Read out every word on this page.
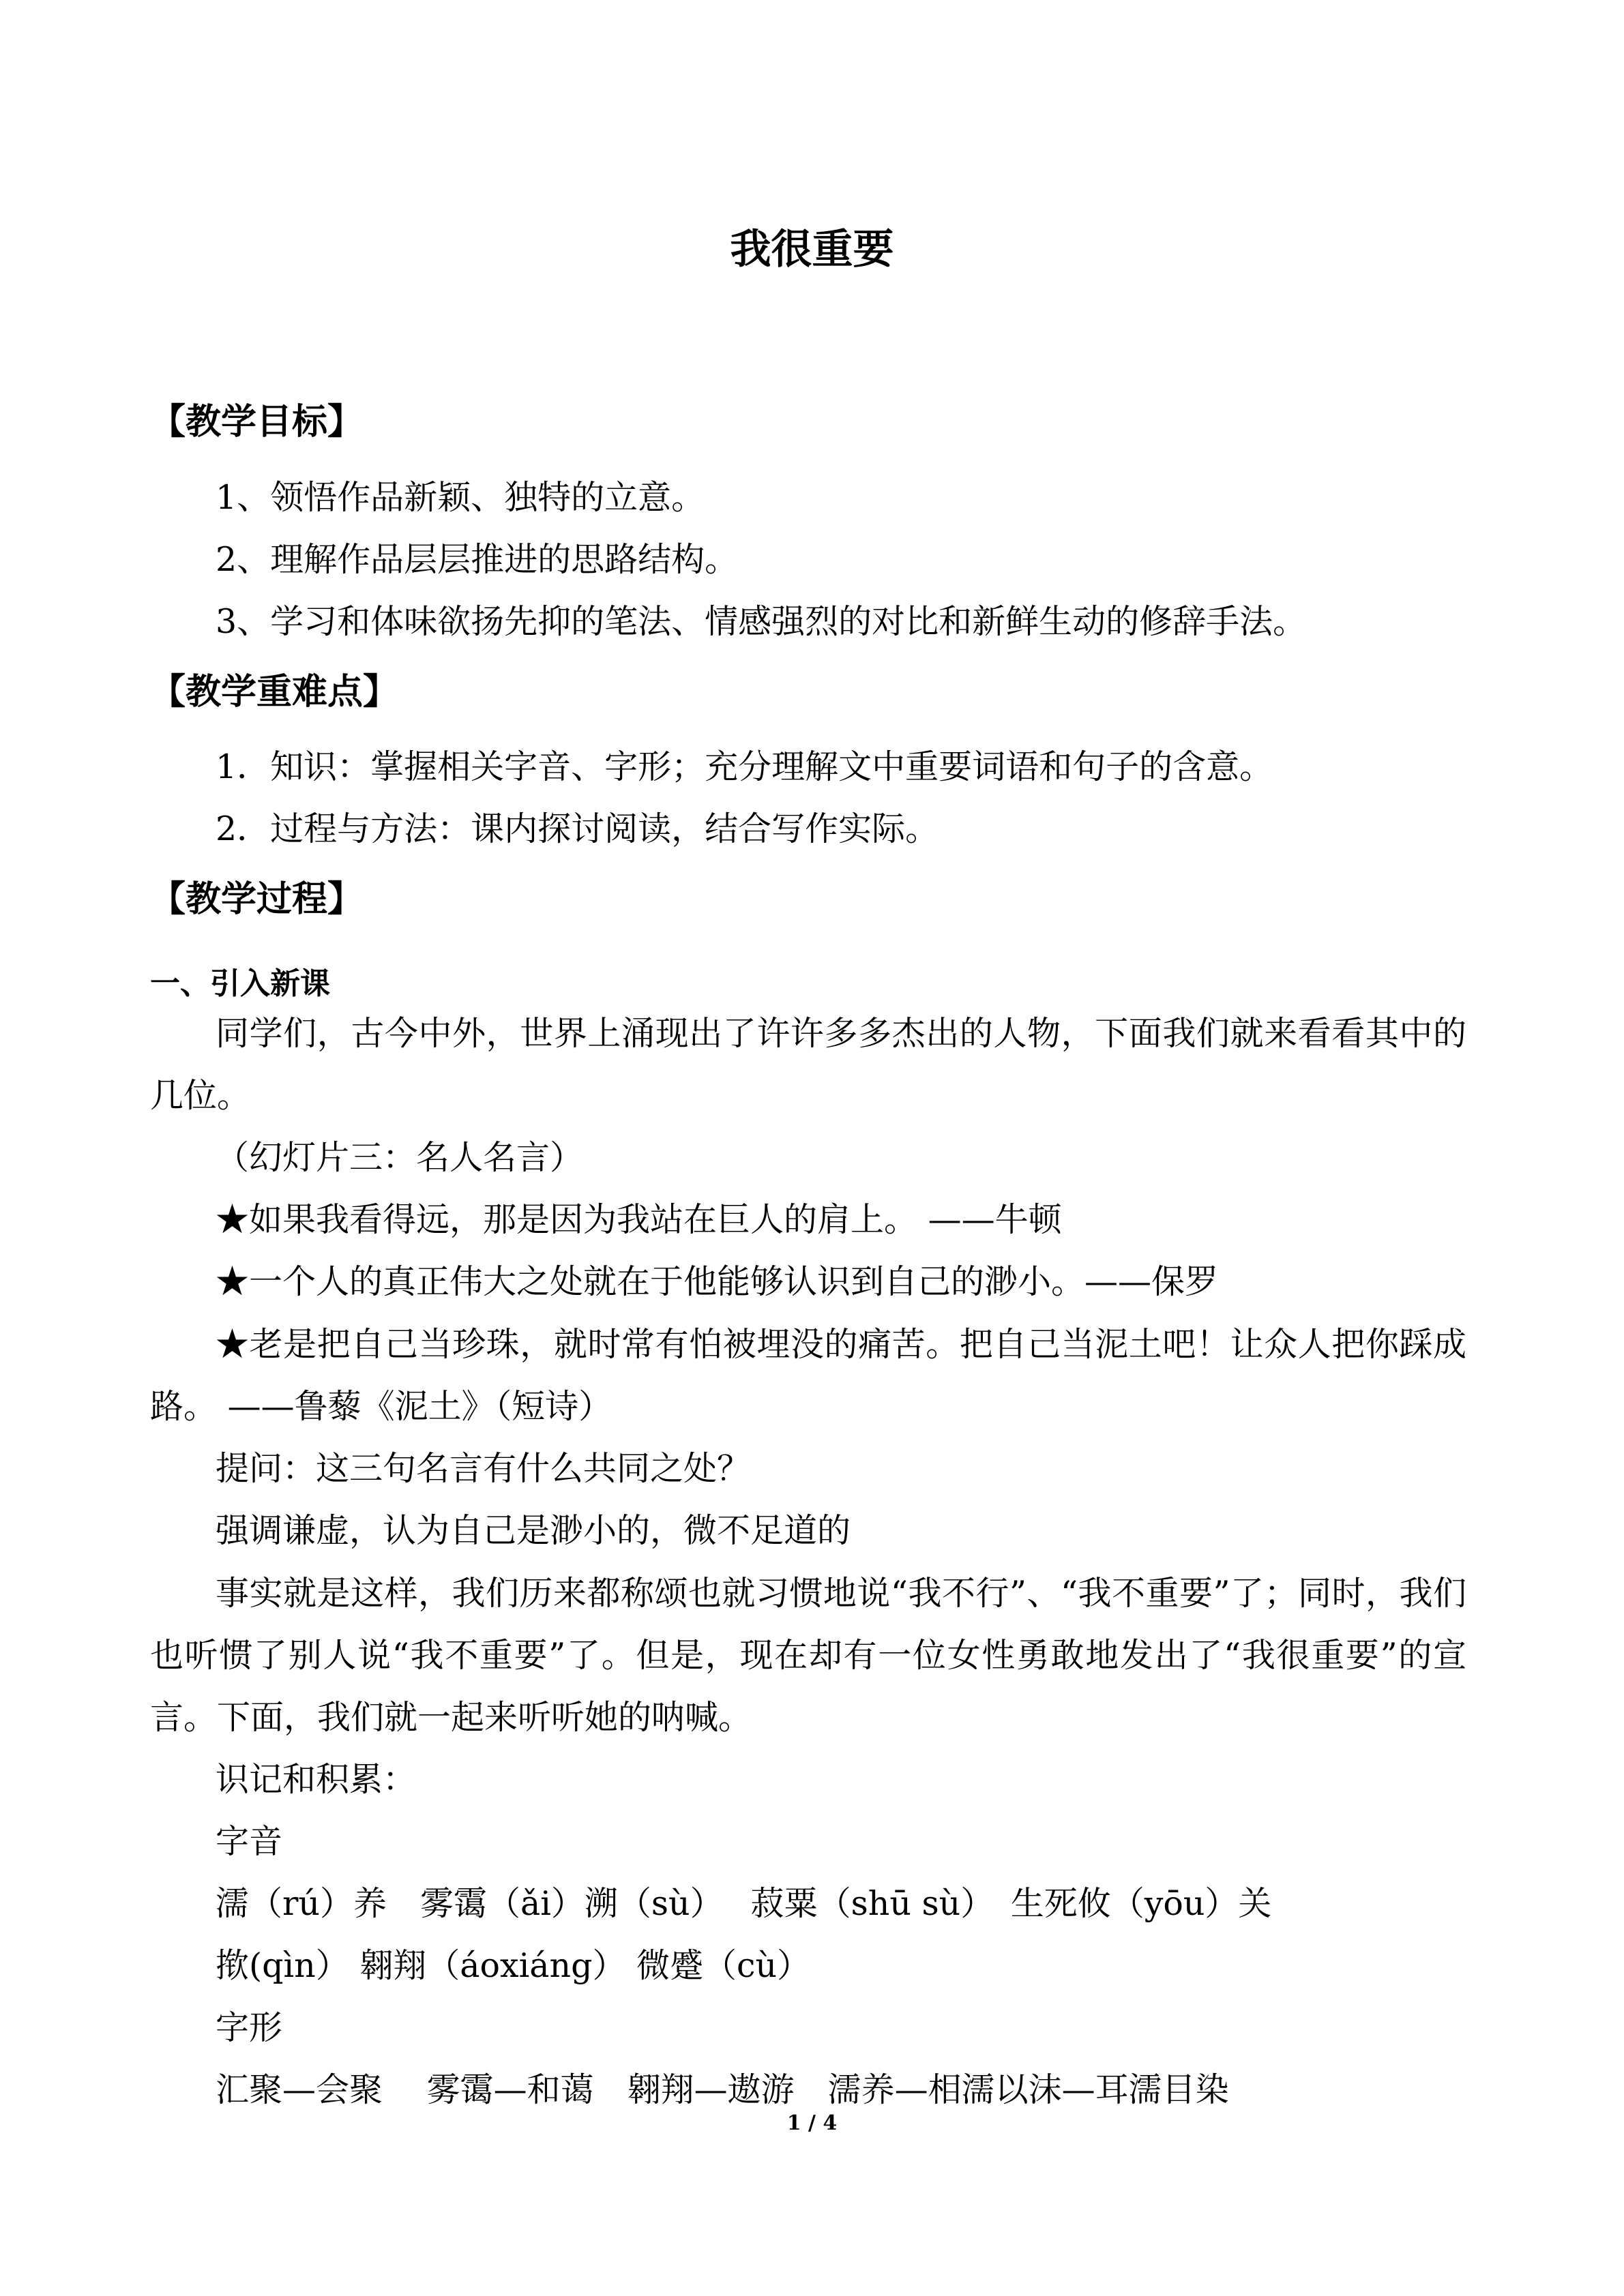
我很重要
【教学目标】
1、领悟作品新颖、独特的立意。
2、理解作品层层推进的思路结构。
3、学习和体味欲扬先抑的笔法、情感强烈的对比和新鲜生动的修辞手法。
【教学重难点】
1．知识：掌握相关字音、字形；充分理解文中重要词语和句子的含意。
2．过程与方法：课内探讨阅读，结合写作实际。
【教学过程】
一、引入新课
同学们，古今中外，世界上涌现出了许许多多杰出的人物，下面我们就来看看其中的几位。
（幻灯片三：名人名言）
★如果我看得远，那是因为我站在巨人的肩上。 ——牛顿
★一个人的真正伟大之处就在于他能够认识到自己的渺小。——保罗
★老是把自己当珍珠，就时常有怕被埋没的痛苦。把自己当泥土吧！让众人把你踩成路。 ——鲁藜《泥土》（短诗）
提问：这三句名言有什么共同之处？
强调谦虚，认为自己是渺小的，微不足道的
事实就是这样，我们历来都称颂也就习惯地说“我不行”、“我不重要”了；同时，我们也听惯了别人说“我不重要”了。但是，现在却有一位女性勇敢地发出了“我很重要”的宣言。下面，我们就一起来听听她的呐喊。
识记和积累：
字音
濡（rú）养　雾霭（ǎi）溯（sù）　 菽粟（shū sù）　生死攸（yōu）关
揿(qìn） 翱翔（áoxiáng） 微蹙（cù）
字形
汇聚—会聚　 雾霭—和蔼　翱翔—遨游　濡养—相濡以沫—耳濡目染
1 / 4
